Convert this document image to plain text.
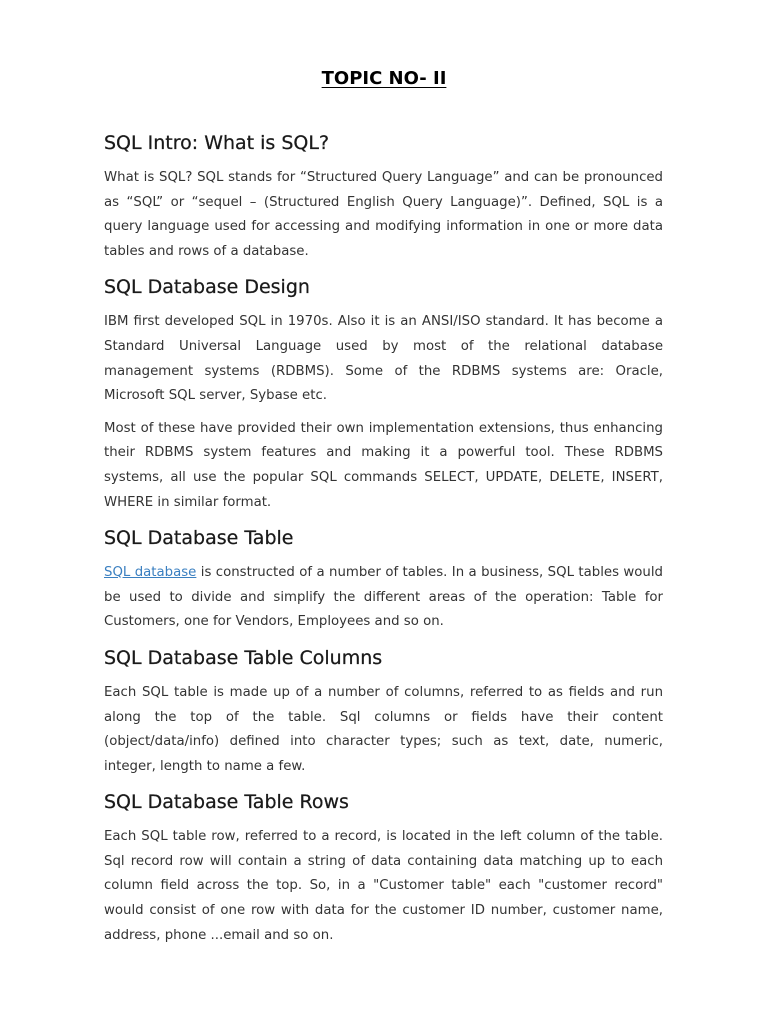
TOPIC NO- II
SQL Intro: What is SQL?

What is SQL? SQL stands for “Structured Query Language” and can be pronounced as “SQL” or “sequel – (Structured English Query Language)”. Defined, SQL is a query language used for accessing and modifying information in one or more data tables and rows of a database.

SQL Database Design

IBM first developed SQL in 1970s. Also it is an ANSI/ISO standard. It has become a Standard Universal Language used by most of the relational database management systems (RDBMS). Some of the RDBMS systems are: Oracle, Microsoft SQL server, Sybase etc.

Most of these have provided their own implementation extensions, thus enhancing their RDBMS system features and making it a powerful tool. These RDBMS systems, all use the popular SQL commands SELECT, UPDATE, DELETE, INSERT, WHERE in similar format.

SQL Database Table

SQL database is constructed of a number of tables. In a business, SQL tables would be used to divide and simplify the different areas of the operation: Table for Customers, one for Vendors, Employees and so on.

SQL Database Table Columns

Each SQL table is made up of a number of columns, referred to as fields and run along the top of the table. Sql columns or fields have their content (object/data/info) defined into character types; such as text, date, numeric, integer, length to name a few.

SQL Database Table Rows

Each SQL table row, referred to a record, is located in the left column of the table. Sql record row will contain a string of data containing data matching up to each column field across the top. So, in a "Customer table" each "customer record" would consist of one row with data for the customer ID number, customer name, address, phone ...email and so on.
